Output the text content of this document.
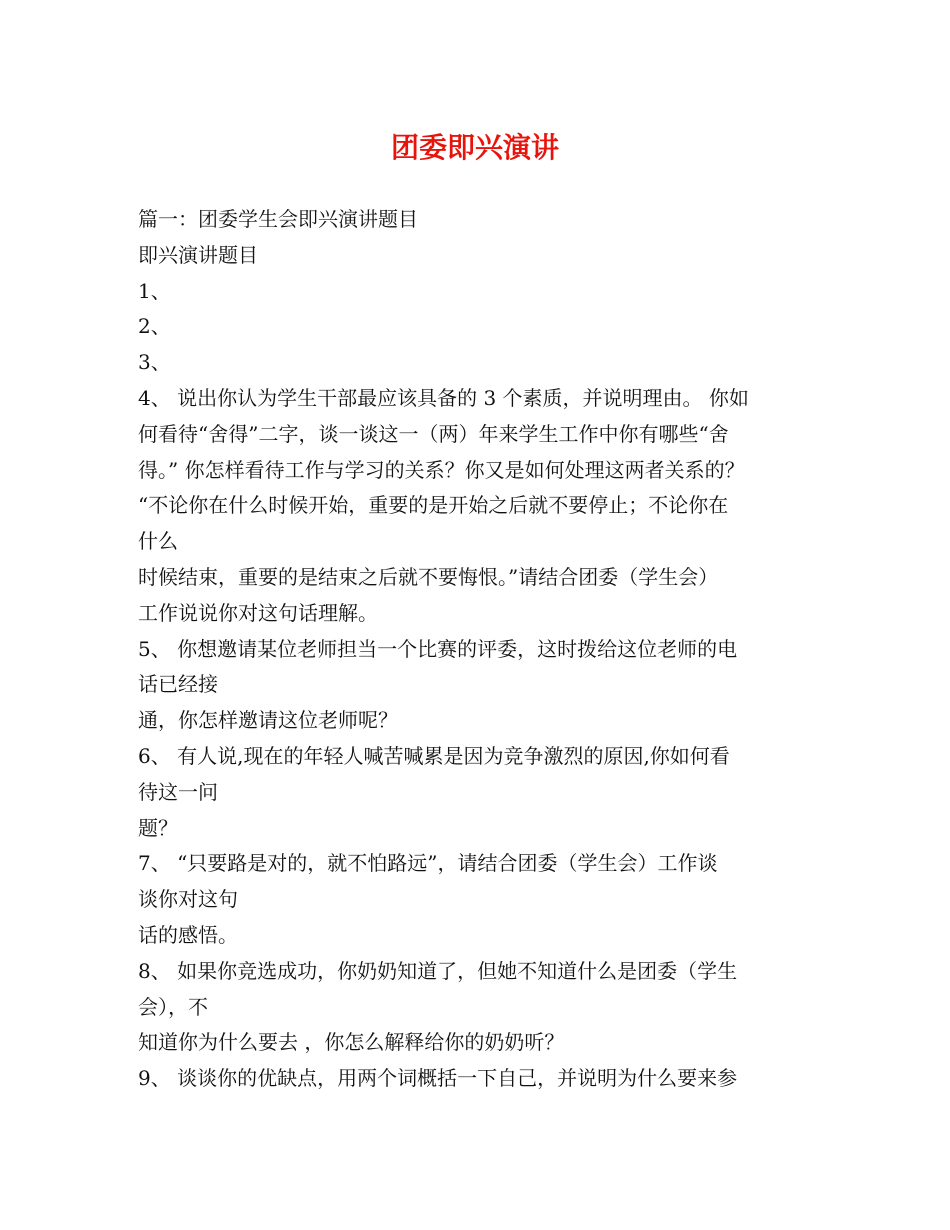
团委即兴演讲
篇一：团委学生会即兴演讲题目
即兴演讲题目
1、
2、
3、
4、 说出你认为学生干部最应该具备的 3 个素质，并说明理由。 你如
何看待“舍得”二字，谈一谈这一（两）年来学生工作中你有哪些“舍
得。” 你怎样看待工作与学习的关系？你又是如何处理这两者关系的？
“不论你在什么时候开始，重要的是开始之后就不要停止；不论你在
什么
时候结束，重要的是结束之后就不要悔恨。”请结合团委（学生会）
工作说说你对这句话理解。
5、 你想邀请某位老师担当一个比赛的评委，这时拨给这位老师的电
话已经接
通，你怎样邀请这位老师呢？
6、 有人说,现在的年轻人喊苦喊累是因为竞争激烈的原因,你如何看
待这一问
题？
7、 “只要路是对的，就不怕路远”，请结合团委（学生会）工作谈
谈你对这句
话的感悟。
8、 如果你竞选成功，你奶奶知道了，但她不知道什么是团委（学生
会），不
知道你为什么要去 ，你怎么解释给你的奶奶听？
9、 谈谈你的优缺点，用两个词概括一下自己，并说明为什么要来参
